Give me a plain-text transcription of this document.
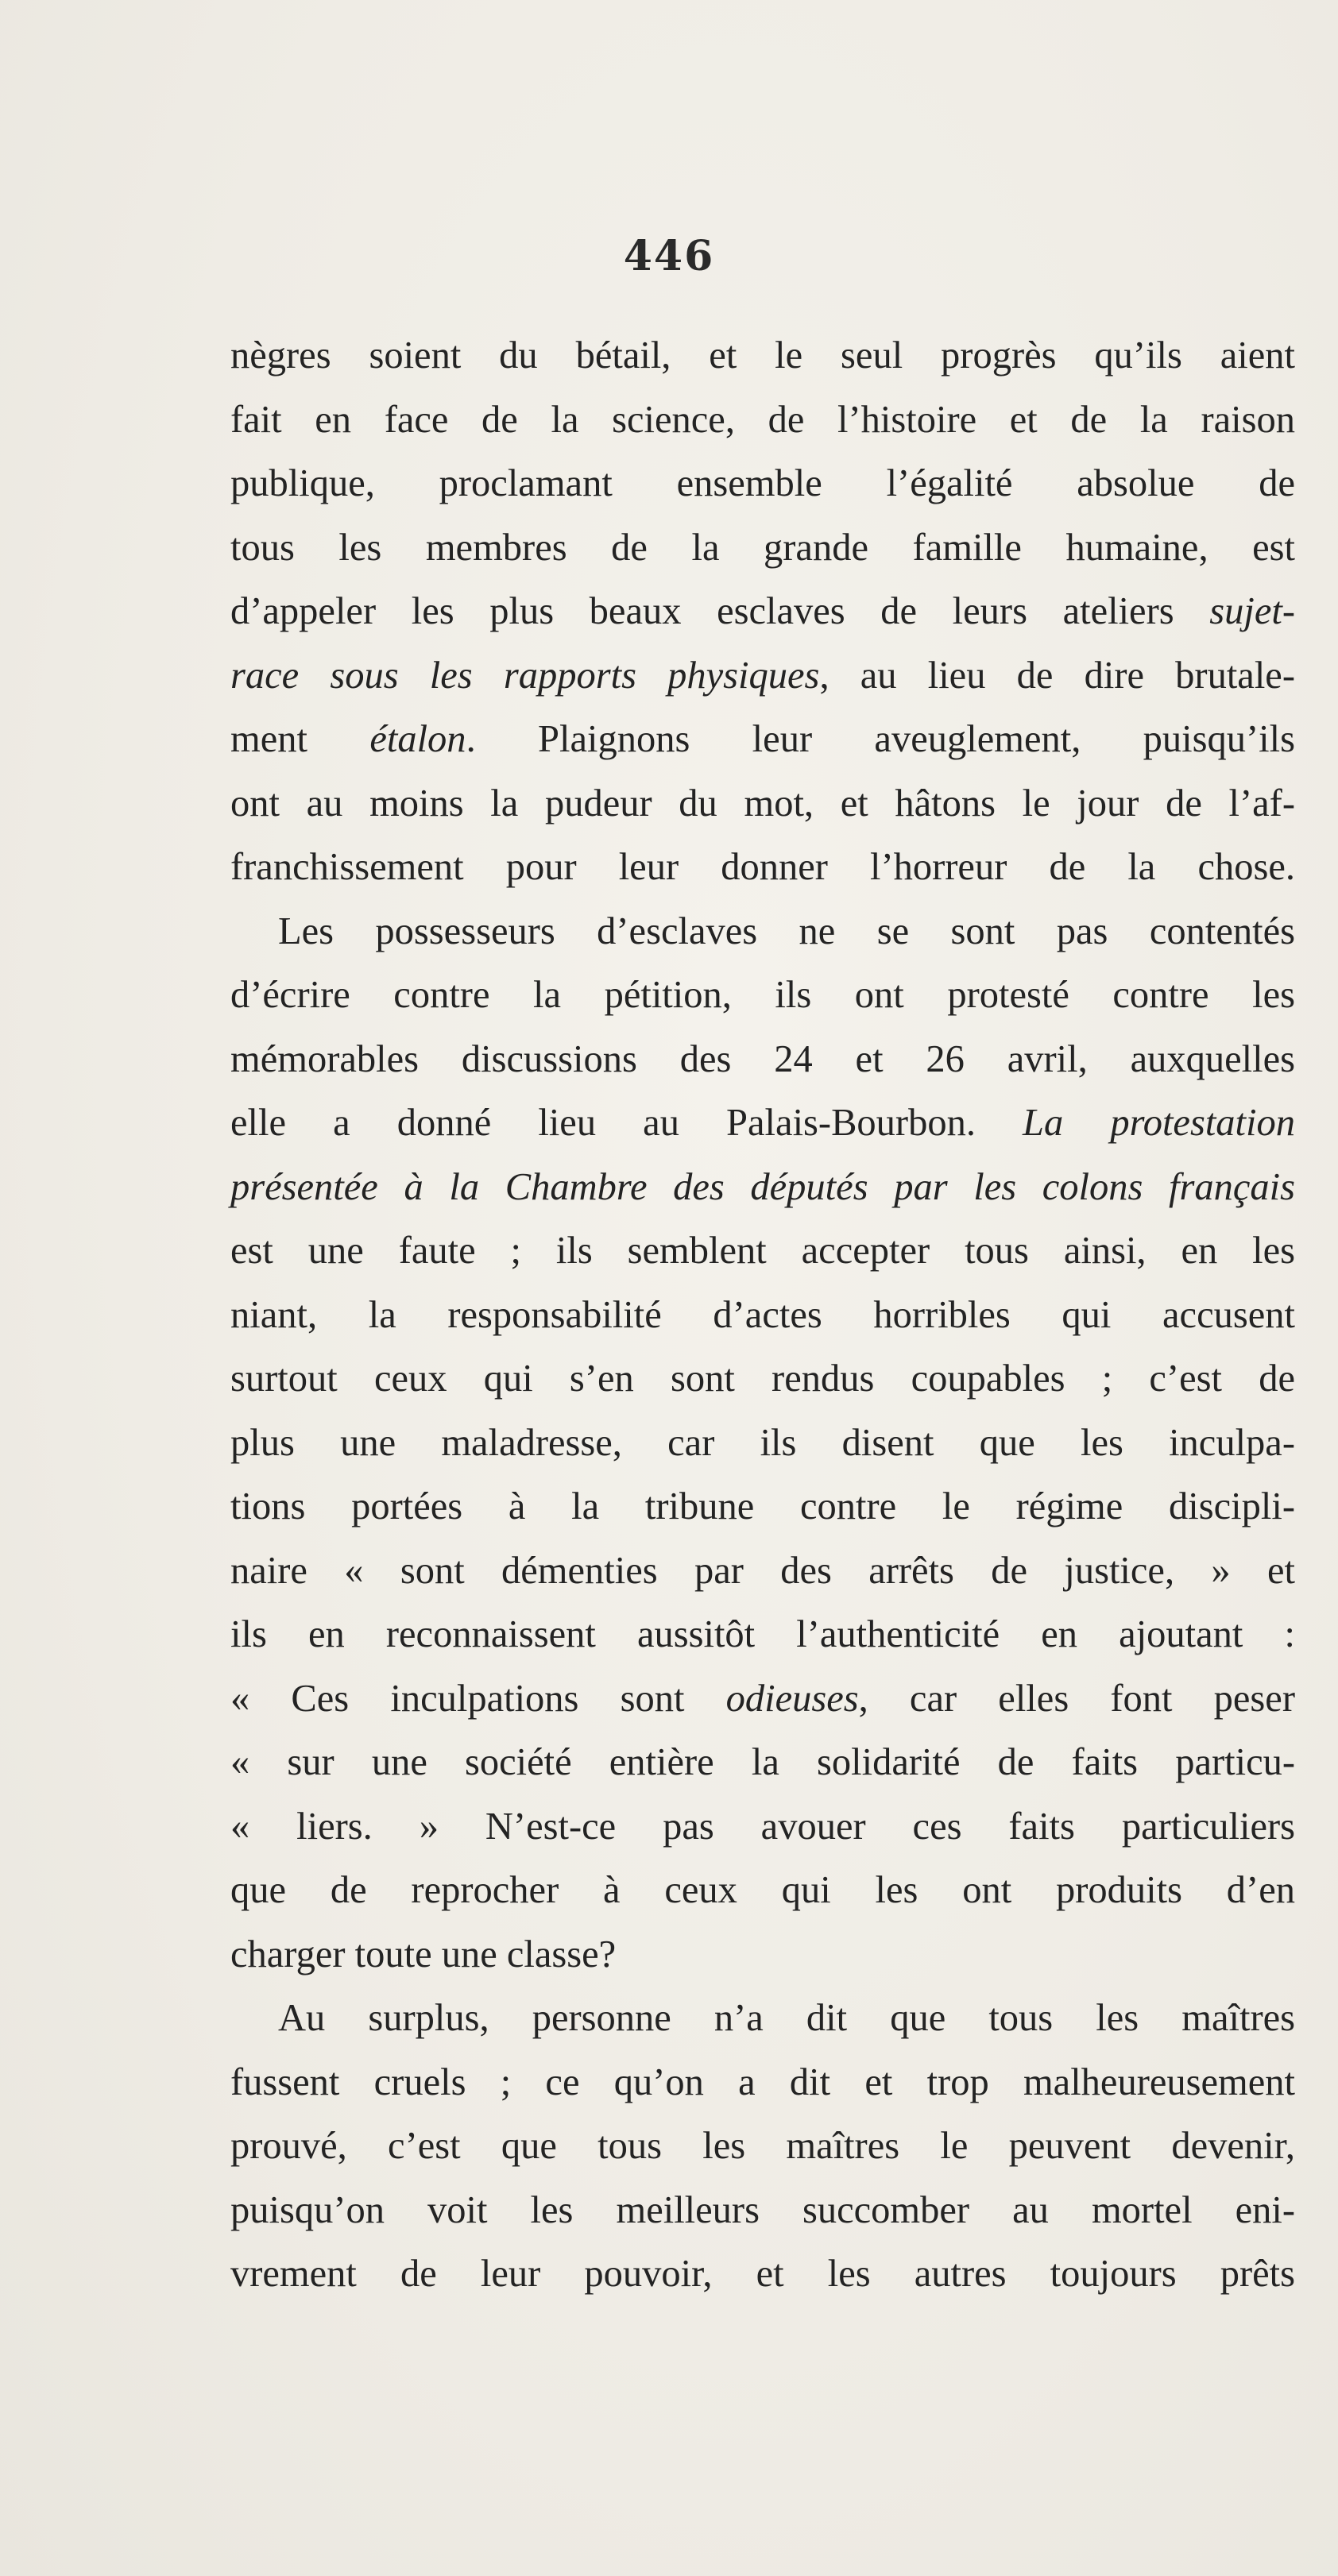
446
nègres soient du bétail, et le seul progrès qu’ils aient
fait en face de la science, de l’histoire et de la raison
publique, proclamant ensemble l’égalité absolue de
tous les membres de la grande famille humaine, est
d’appeler les plus beaux esclaves de leurs ateliers sujet-
race sous les rapports physiques, au lieu de dire brutale-
ment étalon. Plaignons leur aveuglement, puisqu’ils
ont au moins la pudeur du mot, et hâtons le jour de l’af-
franchissement pour leur donner l’horreur de la chose.
Les possesseurs d’esclaves ne se sont pas contentés
d’écrire contre la pétition, ils ont protesté contre les
mémorables discussions des 24 et 26 avril, auxquelles
elle a donné lieu au Palais-Bourbon. La protestation
présentée à la Chambre des députés par les colons français
est une faute ; ils semblent accepter tous ainsi, en les
niant, la responsabilité d’actes horribles qui accusent
surtout ceux qui s’en sont rendus coupables ; c’est de
plus une maladresse, car ils disent que les inculpa-
tions portées à la tribune contre le régime discipli-
naire « sont démenties par des arrêts de justice, » et
ils en reconnaissent aussitôt l’authenticité en ajoutant :
« Ces inculpations sont odieuses, car elles font peser
« sur une société entière la solidarité de faits particu-
« liers. » N’est-ce pas avouer ces faits particuliers
que de reprocher à ceux qui les ont produits d’en
charger toute une classe?
Au surplus, personne n’a dit que tous les maîtres
fussent cruels ; ce qu’on a dit et trop malheureusement
prouvé, c’est que tous les maîtres le peuvent devenir,
puisqu’on voit les meilleurs succomber au mortel eni-
vrement de leur pouvoir, et les autres toujours prêts
